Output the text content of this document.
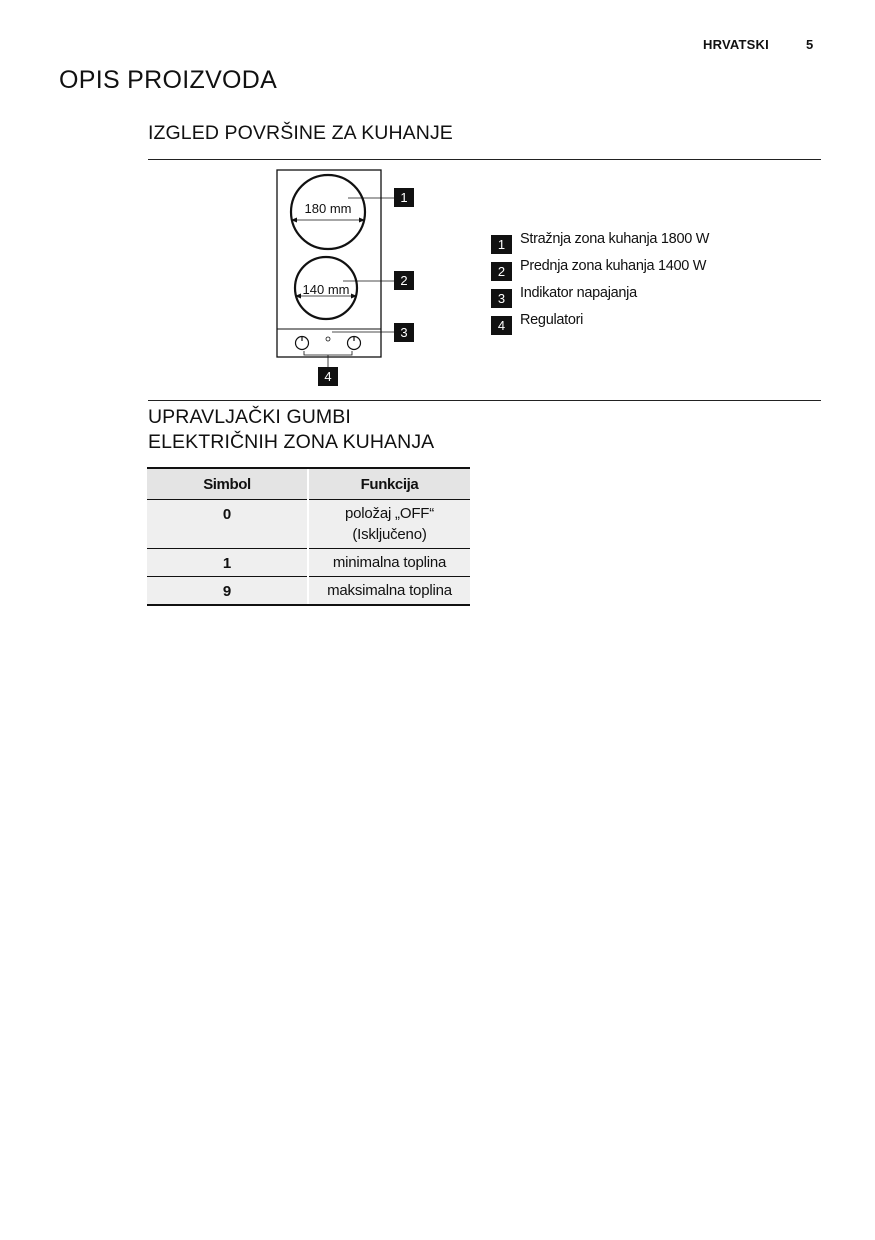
HRVATSKI	5
OPIS PROIZVODA
IZGLED POVRŠINE ZA KUHANJE
180 mm
140 mm
1
2
3
4
1	Stražnja zona kuhanja 1800 W
2	Prednja zona kuhanja 1400 W
3	Indikator napajanja
4	Regulatori
UPRAVLJAČKI GUMBI
ELEKTRIČNIH ZONA KUHANJA
Simbol	Funkcija
0	položaj „OFF“
(Isključeno)

1	minimalna toplina

9	maksimalna toplina
